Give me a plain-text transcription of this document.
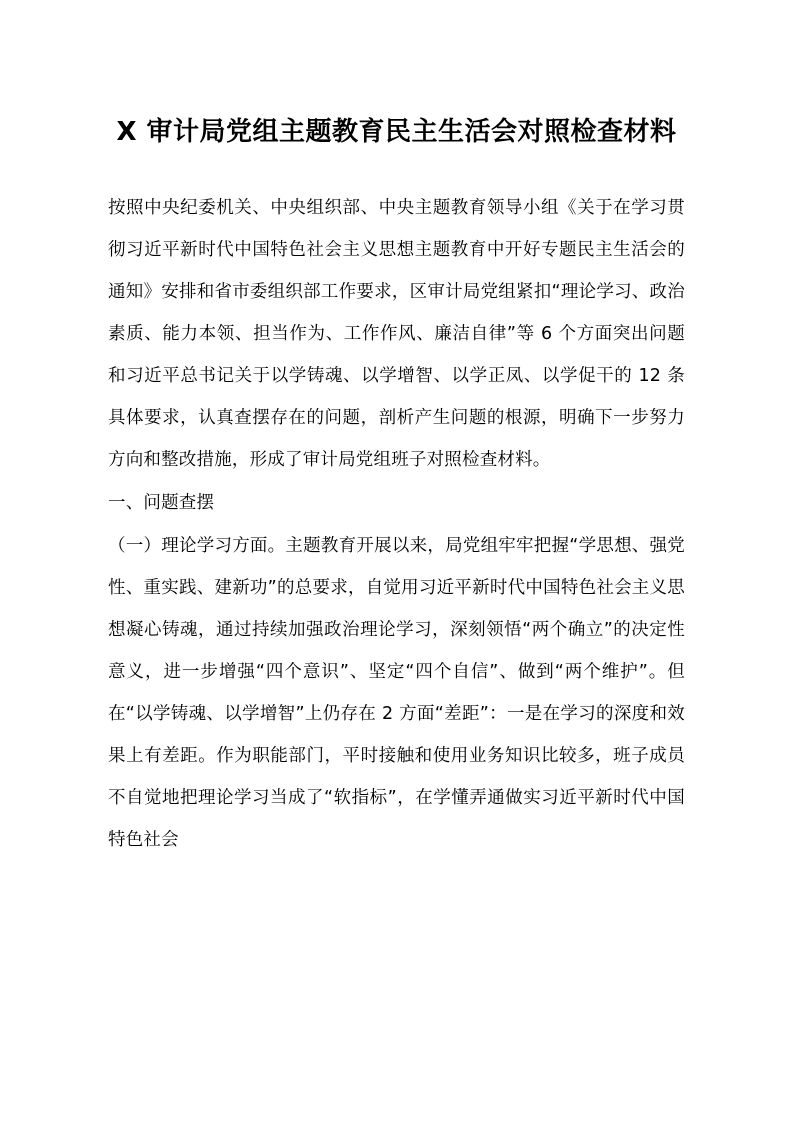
X 审计局党组主题教育民主生活会对照检查材料

按照中央纪委机关、中央组织部、中央主题教育领导小组《关于在学习贯彻习近平新时代中国特色社会主义思想主题教育中开好专题民主生活会的通知》安排和省市委组织部工作要求，区审计局党组紧扣“理论学习、政治素质、能力本领、担当作为、工作作风、廉洁自律”等 6 个方面突出问题和习近平总书记关于以学铸魂、以学增智、以学正凤、以学促干的 12 条具体要求，认真查摆存在的问题，剖析产生问题的根源，明确下一步努力方向和整改措施，形成了审计局党组班子对照检查材料。

一、问题查摆

（一）理论学习方面。主题教育开展以来，局党组牢牢把握“学思想、强党性、重实践、建新功”的总要求，自觉用习近平新时代中国特色社会主义思想凝心铸魂，通过持续加强政治理论学习，深刻领悟“两个确立”的决定性意义，进一步增强“四个意识”、坚定“四个自信”、做到“两个维护”。但在“以学铸魂、以学增智”上仍存在 2 方面“差距”：一是在学习的深度和效果上有差距。作为职能部门，平时接触和使用业务知识比较多，班子成员不自觉地把理论学习当成了“软指标”，在学懂弄通做实习近平新时代中国特色社会
